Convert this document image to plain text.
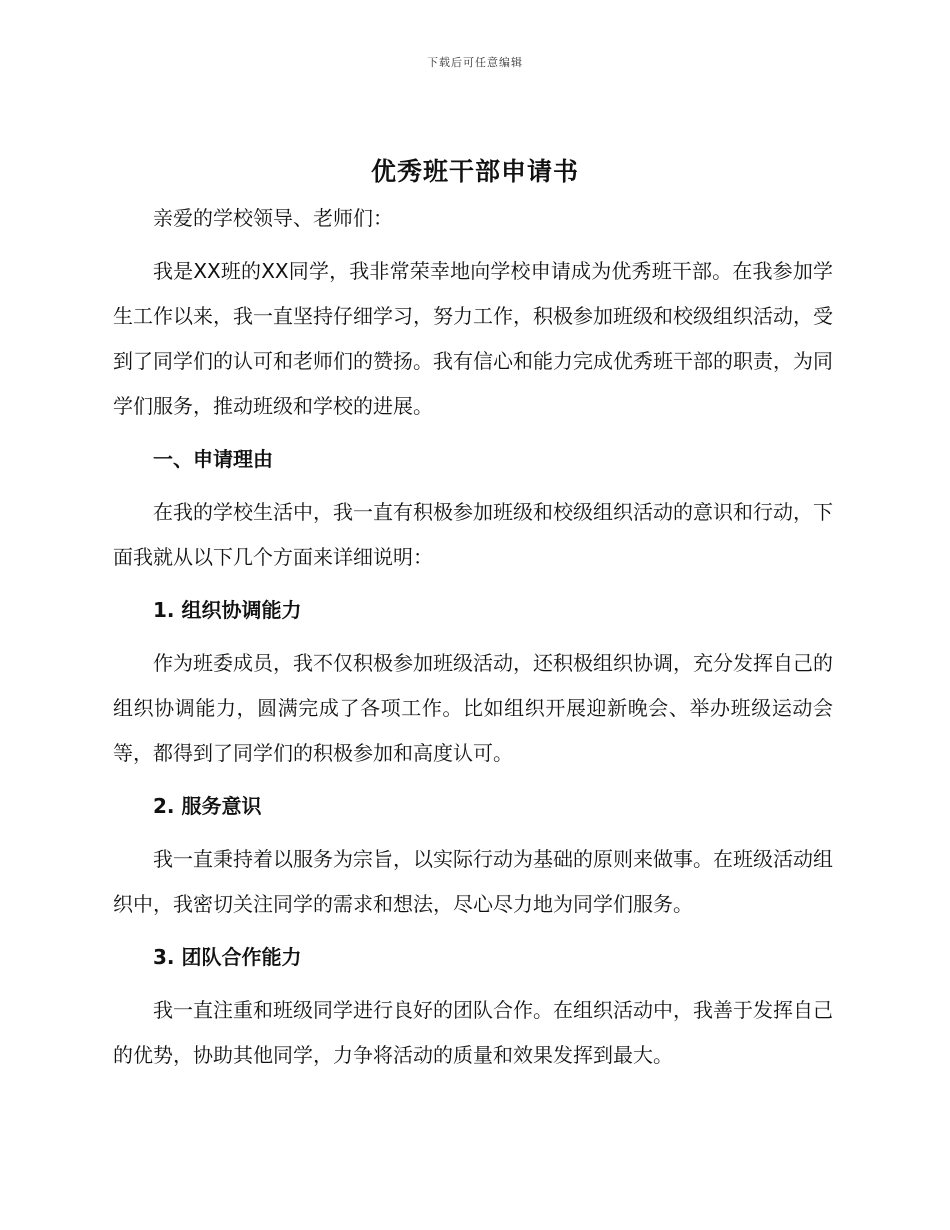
下载后可任意编辑
优秀班干部申请书

亲爱的学校领导、老师们：

我是XX班的XX同学，我非常荣幸地向学校申请成为优秀班干部。在我参加学生工作以来，我一直坚持仔细学习，努力工作，积极参加班级和校级组织活动，受到了同学们的认可和老师们的赞扬。我有信心和能力完成优秀班干部的职责，为同学们服务，推动班级和学校的进展。

一、申请理由

在我的学校生活中，我一直有积极参加班级和校级组织活动的意识和行动，下面我就从以下几个方面来详细说明：

1. 组织协调能力

作为班委成员，我不仅积极参加班级活动，还积极组织协调，充分发挥自己的组织协调能力，圆满完成了各项工作。比如组织开展迎新晚会、举办班级运动会等，都得到了同学们的积极参加和高度认可。

2. 服务意识

我一直秉持着以服务为宗旨，以实际行动为基础的原则来做事。在班级活动组织中，我密切关注同学的需求和想法，尽心尽力地为同学们服务。

3. 团队合作能力

我一直注重和班级同学进行良好的团队合作。在组织活动中，我善于发挥自己的优势，协助其他同学，力争将活动的质量和效果发挥到最大。
